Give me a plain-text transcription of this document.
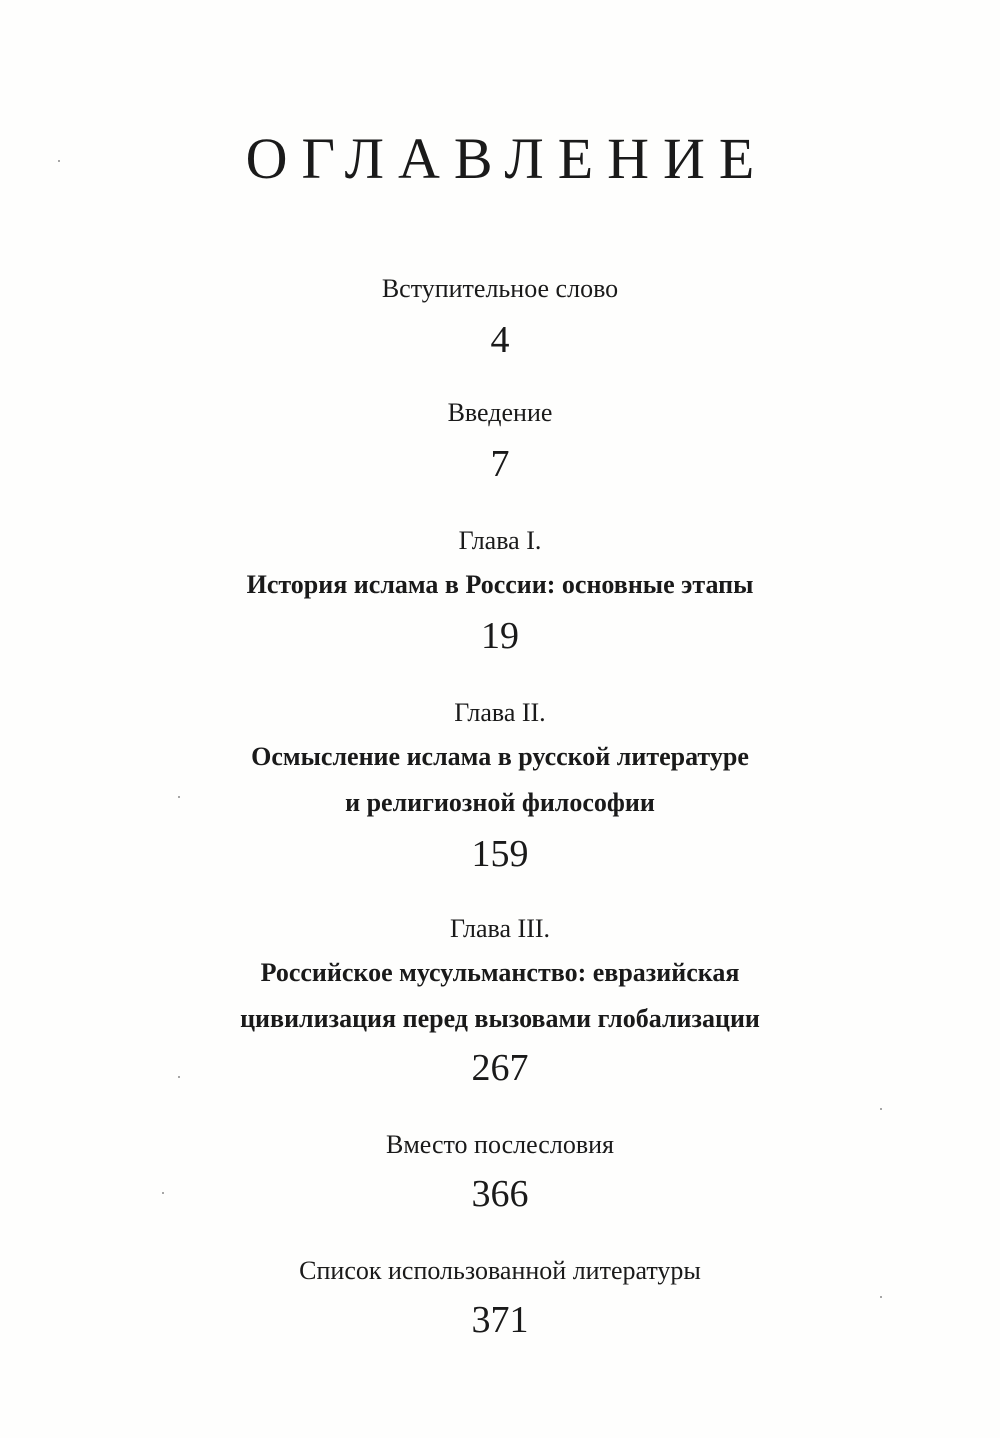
ОГЛАВЛЕНИЕ
Вступительное слово
4
Введение
7
Глава I.
История ислама в России: основные этапы
19
Глава II.
Осмысление ислама в русской литературе
и религиозной философии
159
Глава III.
Российское мусульманство: евразийская
цивилизация перед вызовами глобализации
267
Вместо послесловия
366
Список использованной литературы
371
